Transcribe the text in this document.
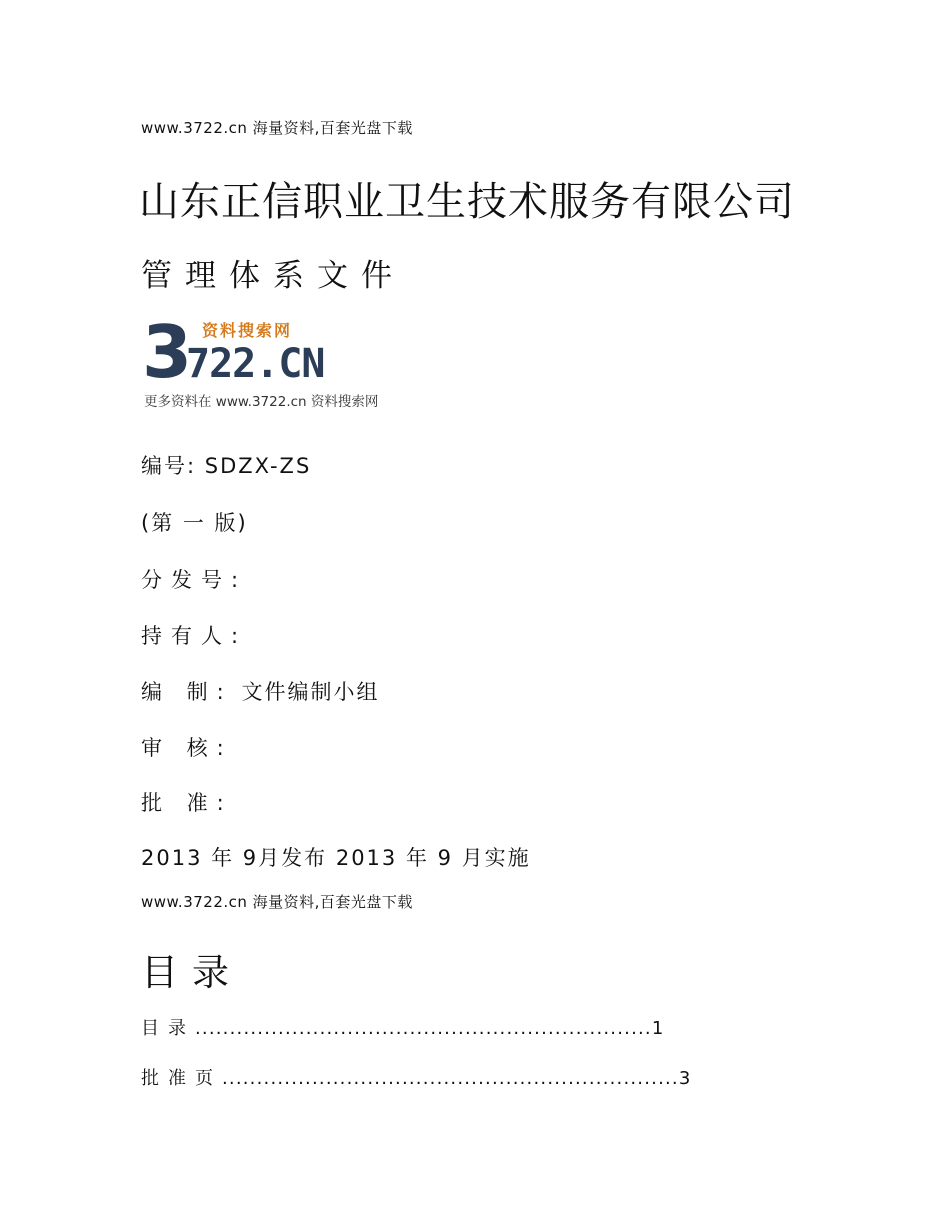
www.3722.cn 海量资料,百套光盘下载
山东正信职业卫生技术服务有限公司
管理体系文件
3 资料搜索网
722.CN
更多资料在 www.3722.cn 资料搜索网
编号: SDZX-ZS
(第 一 版)
分发号:
持有人:
编 制: 文件编制小组
审 核:
批 准:
2013 年 9月发布 2013 年 9 月实施
www.3722.cn 海量资料,百套光盘下载
目录
目录..................................................................1
批准页..................................................................3
